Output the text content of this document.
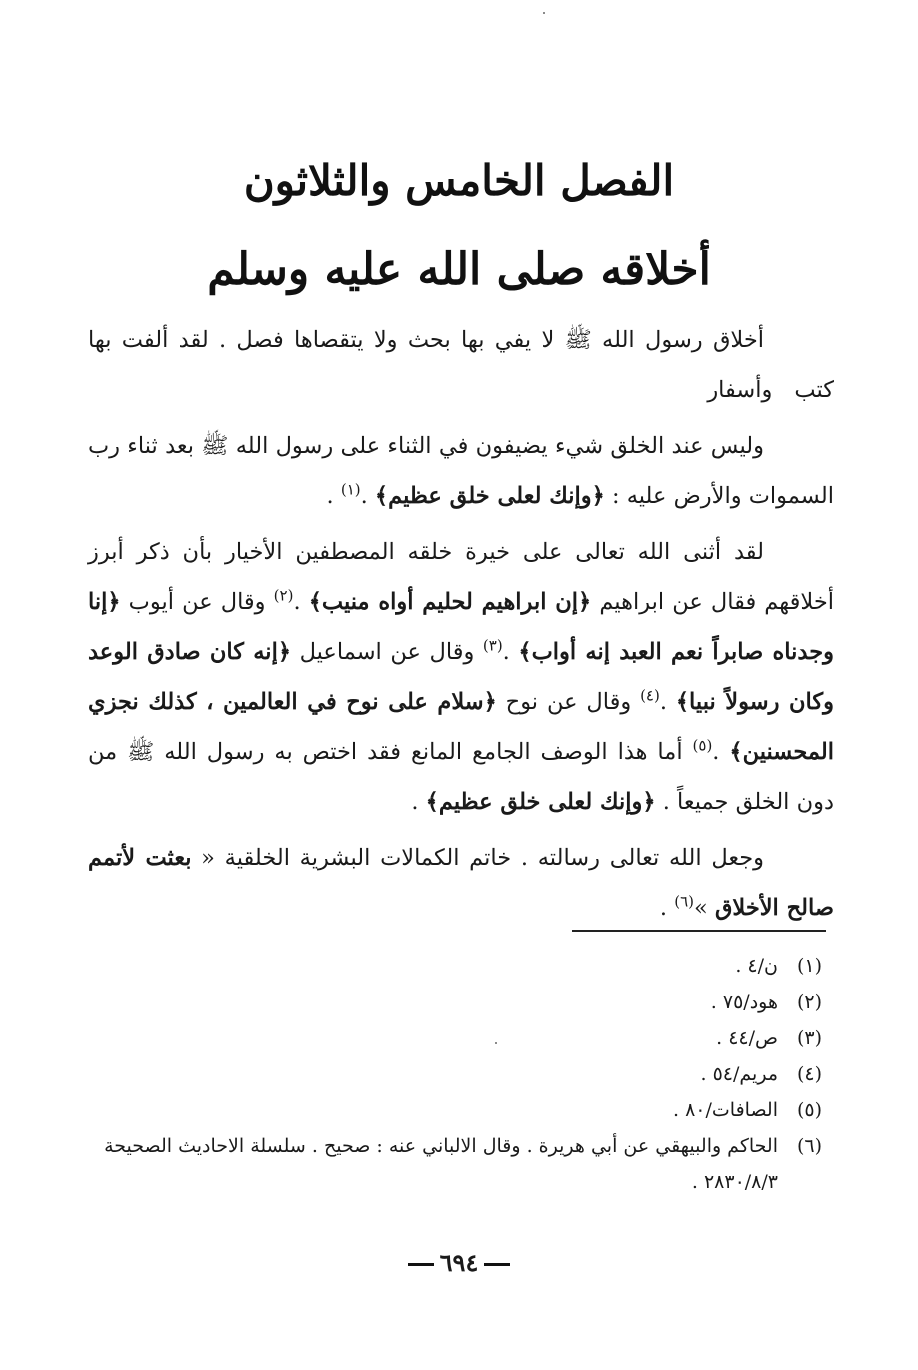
الفصل الخامس والثلاثون
أخلاقه صلى الله عليه وسلم

أخلاق رسول الله ﷺ لا يفي بها بحث ولا يتقصاها فصل . لقد ألفت بها كتبوأسفار

وليس عند الخلق شيء يضيفون في الثناء على رسول الله ﷺ بعد ثناء رب السموات والأرض عليه : ﴿وإنك لعلى خلق عظيم﴾ .$^{(١)}$ .

لقد أثنى الله تعالى على خيرة خلقه المصطفين الأخيار بأن ذكر أبرز أخلاقهم فقال عن ابراهيم ﴿إن ابراهيم لحليم أواه منيب﴾ .$^{(٢)}$ وقال عن أيوب ﴿إنا وجدناه صابراً نعم العبد إنه أواب﴾ .$^{(٣)}$ وقال عن اسماعيل ﴿إنه كان صادق الوعد وكان رسولاً نبيا﴾ .$^{(٤)}$ وقال عن نوح ﴿سلام على نوح في العالمين ، كذلك نجزي المحسنين﴾ .$^{(٥)}$ أما هذا الوصف الجامع المانع فقد اختص به رسول الله ﷺ من دون الخلق جميعاً . ﴿وإنك لعلى خلق عظيم﴾ .

وجعل الله تعالى رسالته . خاتم الكمالات البشرية الخلقية « بعثت لأتمم صالح الأخلاق »$^{(٦)}$ .

(١)
ن/٤ .
(٢)
هود/٧٥ .
(٣)
ص/٤٤ .
(٤)
مريم/٥٤ .
(٥)
الصافات/٨٠ .
(٦)
الحاكم والبيهقي عن أبي هريرة . وقال الالباني عنه : صحيح . سلسلة الاحاديث الصحيحة ٢٨٣٠/٨/٣ .
٦٩٤
